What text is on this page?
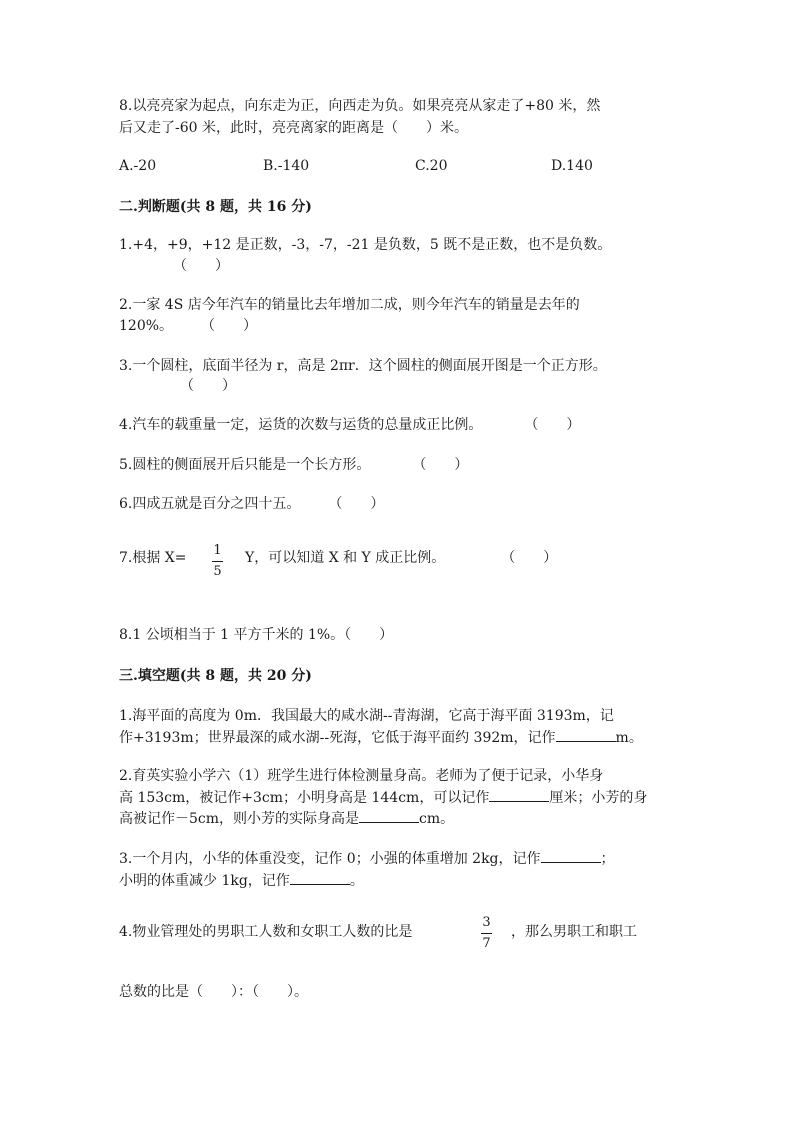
8.以亮亮家为起点，向东走为正，向西走为负。如果亮亮从家走了+80 米，然
后又走了-60 米，此时，亮亮离家的距离是（　　）米。
A.-20	B.-140	C.20	D.140
二.判断题(共 8 题，共 16 分)
1.+4，+9，+12 是正数，-3，-7，-21 是负数，5 既不是正数，也不是负数。
（　　）
2.一家 4S 店今年汽车的销量比去年增加二成，则今年汽车的销量是去年的
120%。　　　（　　）
3.一个圆柱，底面半径为 r，高是 2πr．这个圆柱的侧面展开图是一个正方形。
（　　）
4.汽车的载重量一定，运货的次数与运货的总量成正比例。　　　　（　　）
5.圆柱的侧面展开后只能是一个长方形。　　　　（　　）
6.四成五就是百分之四十五。　　　（　　）
7.根据 X= 1
5
Y，可以知道 X 和 Y 成正比例。　　　　　（　　）
8.1 公顷相当于 1 平方千米的 1%。（　　）
三.填空题(共 8 题，共 20 分)
1.海平面的高度为 0m．我国最大的咸水湖--青海湖，它高于海平面 3193m，记
作+3193m；世界最深的咸水湖--死海，它低于海平面约 392m，记作	m。
2.育英实验小学六（1）班学生进行体检测量身高。老师为了便于记录，小华身
高 153cm，被记作+3cm；小明身高是 144cm，可以记作	厘米；小芳的身
高被记作－5cm，则小芳的实际身高是	cm。
3.一个月内，小华的体重没变，记作 0；小强的体重增加 2kg，记作	；
小明的体重减少 1kg，记作	。
4.物业管理处的男职工人数和女职工人数的比是
3
7
，那么男职工和职工
总数的比是（　　）：（　　）。
